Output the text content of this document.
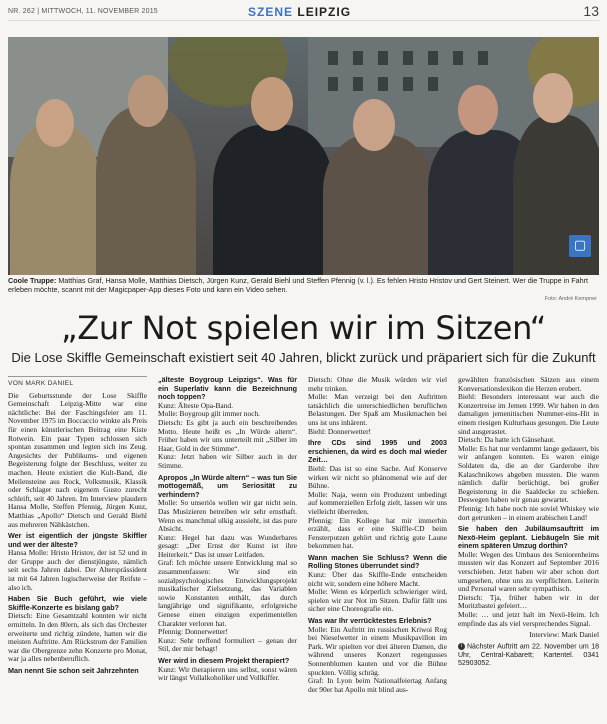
NR. 262 | MITTWOCH, 11. NOVEMBER 2015	SZENE LEIPZIG	13
▢
Coole Truppe: Matthias Graf, Hansa Molle, Matthias Dietsch, Jürgen Kunz, Gerald Biehl und Steffen Pfennig (v. l.). Es fehlen Hristo Hristov und Gert Steinert. Wer die Truppe in Fahrt erleben möchte, scannt mit der Magicpaper-App dieses Foto und kann ein Video sehen.
Foto: André Kempner
„Zur Not spielen wir im Sitzen“
Die Lose Skiffle Gemeinschaft existiert seit 40 Jahren, blickt zurück und präpariert sich für die Zukunft
VON MARK DANIEL

Die Geburtsstunde der Lose Skiffle Gemeinschaft Leipzig-Mitte war eine nächtliche: Bei der Faschingsfeier am 11. November 1975 im Boccaccio winkte als Preis für einen künstlerischen Beitrag eine Kiste Rotwein. Ein paar Typen schlossen sich spontan zusammen und legten sich ins Zeug. Angesichts der Publikums- und eigenen Begeisterung folgte der Beschluss, weiter zu machen. Heute existiert die Kult-Band, die Meilensteine aus Rock, Volksmusik, Klassik oder Schlager nach eigenem Gusto zurecht schleift, seit 40 Jahren. Im Interview plaudern Hansa Molle, Steffen Pfennig, Jürgen Kunz, Matthias „Apollo“ Dietsch und Gerald Biehl aus mehreren Nähkästchen.

Wer ist eigentlich der jüngste Skiffler und wer der älteste?

Hansa Molle: Hristo Hristov, der ist 52 und in der Gruppe auch der dienstjüngste, nämlich seit sechs Jahren dabei. Der Altersprässident ist mit 64 Jahren logischerweise der Reifste – also ich.

Haben Sie Buch geführt, wie viele Skiffle-Konzerte es bislang gab?

Dietsch: Eine Gesamtzahl konnten wir nicht ermitteln. In den 80ern, als sich das Orchester erweiterte und richtig zündete, hatten wir die meisten Auftritte. Am Rückstrom der Familien war die Obergrenze zehn Konzerte pro Monat, war ja alles nebenberuflich.

Man nennt Sie schon seit Jahrzehnten

„älteste Boygroup Leipzigs“. Was für ein Superlativ kann die Bezeichnung noch toppen?

Kunz: Älteste Opa-Band.
Molle: Boygroup gilt immer noch.
Dietsch: Es gibt ja auch ein beschreibendes Motto. Heute heißt es „In Würde altern“. Früher haben wir uns unterteilt mit „Silber im Haar, Gold in der Stimme“.
Kunz: Jetzt haben wir Silber auch in der Stimme.

Apropos „In Würde altern“ – was tun Sie mottogemäß, um Seriosität zu verhindern?

Molle: So unseriös wollen wir gar nicht sein. Das Musizieren betreiben wir sehr ernsthaft. Wenn es manchmal ulkig aussieht, ist das pure Absicht.
Kunz: Hegel hat dazu was Wunderbares gesagt: „Der Ernst der Kunst ist ihre Heiterkeit.“ Das ist unser Leitfaden.
Graf: Ich möchte unsere Entwicklung mal so zusammenfassen: Wir sind ein sozialpsychologisches Entwicklungsprojekt musikalischer Zielsetzung, das Variablen sowie Konstanten enthält, das durch langjährige und signifikante, erfolgreiche Genese einen einzigen experimentellen Charakter verloren hat.
Pfennig: Donnerwetter!
Kunz: Sehr treffend formuliert – genau der Stil, der mir behagt!

Wer wird in diesem Projekt therapiert?

Kunz: Wir therapieren uns selbst, sonst wären wir längst Vollalkoholiker und Vollkiffer.

Dietsch: Ohne die Musik würden wir viel mehr trinken.
Molle: Man verzeigt bei den Auftritten tatsächlich die unterschiedlichen beruflichen Belastungen. Der Spaß am Musikmachen bei uns ist uns inhärent.
Biehl: Donnerwetter!

Ihre CDs sind 1995 und 2003 erschienen, da wird es doch mal wieder Zeit…

Biehl: Das ist so eine Sache. Auf Konserve wirken wir nicht so phänomenal wie auf der Bühne.
Molle: Naja, wenn ein Produzent unbedingt auf kommerziellen Erfolg zielt, lassen wir uns vielleicht überreden.
Pfennig: Ein Kollege hat mir immerhin erzählt, dass er eine Skiffle-CD beim Fensterputzen gehört und richtig gute Laune bekommen hat.

Wann machen Sie Schluss? Wenn die Rolling Stones überrundet sind?

Kunz: Über das Skiffle-Ende entscheiden nicht wir, sondern eine höhere Macht.
Molle: Wenn es körperlich schwieriger wird, spielen wir zur Not im Sitzen. Dafür fällt uns sicher eine Choreografie ein.

Was war Ihr verrücktestes Erlebnis?

Molle: Ein Auftritt im russischen Kriwoi Rog bei Nieselwetter in einem Musikpavillon im Park. Wir spielten vor drei älteren Damen, die während unseres Konzert regengusses Sonnenblumen kauten und vor die Bühne spuckten. Völlig schräg.
Graf: In Lyon beim Nationalfeiertag Anfang der 90er hat Apollo mit blind aus-

gewählten französischen Sätzen aus einem Konversationslexikon die Herzen erobert.
Biehl: Besonders interessant war auch die Konzertreise im Jemen 1999. Wir haben in den damaligen jemenitischen Nummer-eins-Hit in einem riesigen Kulturhaus gesungen. Die Leute sind ausgerastet.
Dietsch: Da hatte ich Gänsehaut.
Molle: Es hat nur verdammt lange gedauert, bis wir anfangen konnten. Es waren einige Soldaten da, die an der Garderobe ihre Kalaschnikows abgeben mussten. Die waren nämlich dafür berüchtigt, bei großer Begeisterung in die Saaldecke zu schießen. Deswegen haben wir genau gewartet.
Pfennig: Ich habe noch nie soviel Whiskey wie dort getrunken – in einem arabischen Land!

Sie haben den Jubiläumsauftritt im Nexö-Heim geplant. Liebäugeln Sie mit einem späteren Umzug dorthin?

Molle: Wegen des Umbaus des Seniorenheims mussten wir das Konzert auf September 2016 verschieben. Jetzt haben wir aber schon dort umgesehen, ohne uns zu verpflichten. Leiterin und Personal waren sehr sympathisch.
Dietsch: Tja, früher haben wir in der Moritzbastei gefeiert…
Molle: … und jetzt halt im Nexö-Heim. Ich empfinde das als viel versprechendes Signal.

Interview: Mark Daniel

i Nächster Auftritt am 22. November um 18 Uhr, Central-Kabarett; Kartentel. 0341 52903052.
